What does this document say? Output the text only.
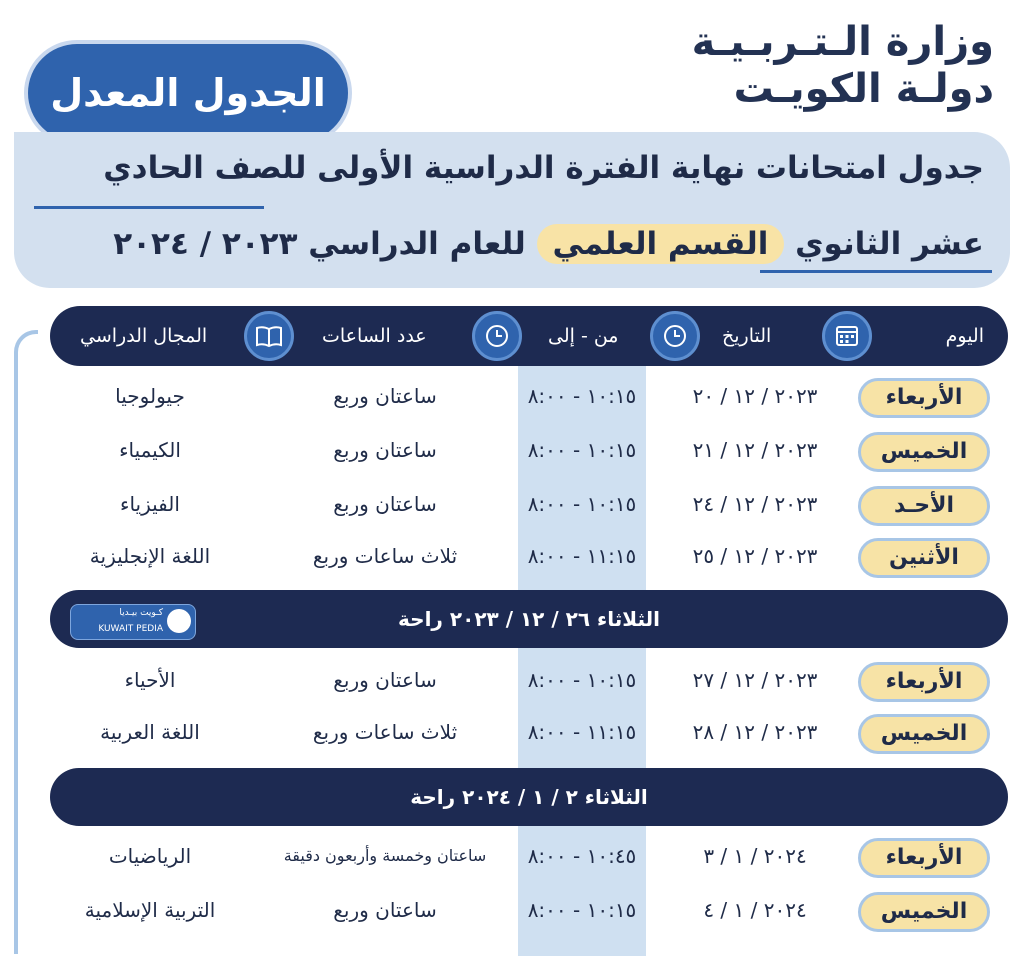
وزارة الـتـربـيـة
دولـة الكويـت
الجدول المعدل
جدول امتحانات نهاية الفترة الدراسية الأولى للصف الحادي
عشر الثانوي القسم العلمي للعام الدراسي ٢٠٢٣ / ٢٠٢٤
اليوم
التاريخ
من - إلى
عدد الساعات
المجال الدراسي
الأربعاء
٢٠٢٣ / ١٢ / ٢٠
١٠:١٥ - ٨:٠٠
ساعتان وربع
جيولوجيا
الخميس
٢٠٢٣ / ١٢ / ٢١
١٠:١٥ - ٨:٠٠
ساعتان وربع
الكيمياء
الأحـد
٢٠٢٣ / ١٢ / ٢٤
١٠:١٥ - ٨:٠٠
ساعتان وربع
الفيزياء
الأثنين
٢٠٢٣ / ١٢ / ٢٥
١١:١٥ - ٨:٠٠
ثلاث ساعات وربع
اللغة الإنجليزية
الثلاثاء ٢٦ / ١٢ / ٢٠٢٣ راحة
كـويت بيـديا
KUWAIT PEDIA
الأربعاء
٢٠٢٣ / ١٢ / ٢٧
١٠:١٥ - ٨:٠٠
ساعتان وربع
الأحياء
الخميس
٢٠٢٣ / ١٢ / ٢٨
١١:١٥ - ٨:٠٠
ثلاث ساعات وربع
اللغة العربية
الثلاثاء ٢ / ١ / ٢٠٢٤ راحة
الأربعاء
٢٠٢٤ / ١ / ٣
١٠:٤٥ - ٨:٠٠
ساعتان وخمسة وأربعون دقيقة
الرياضيات
الخميس
٢٠٢٤ / ١ / ٤
١٠:١٥ - ٨:٠٠
ساعتان وربع
التربية الإسلامية
